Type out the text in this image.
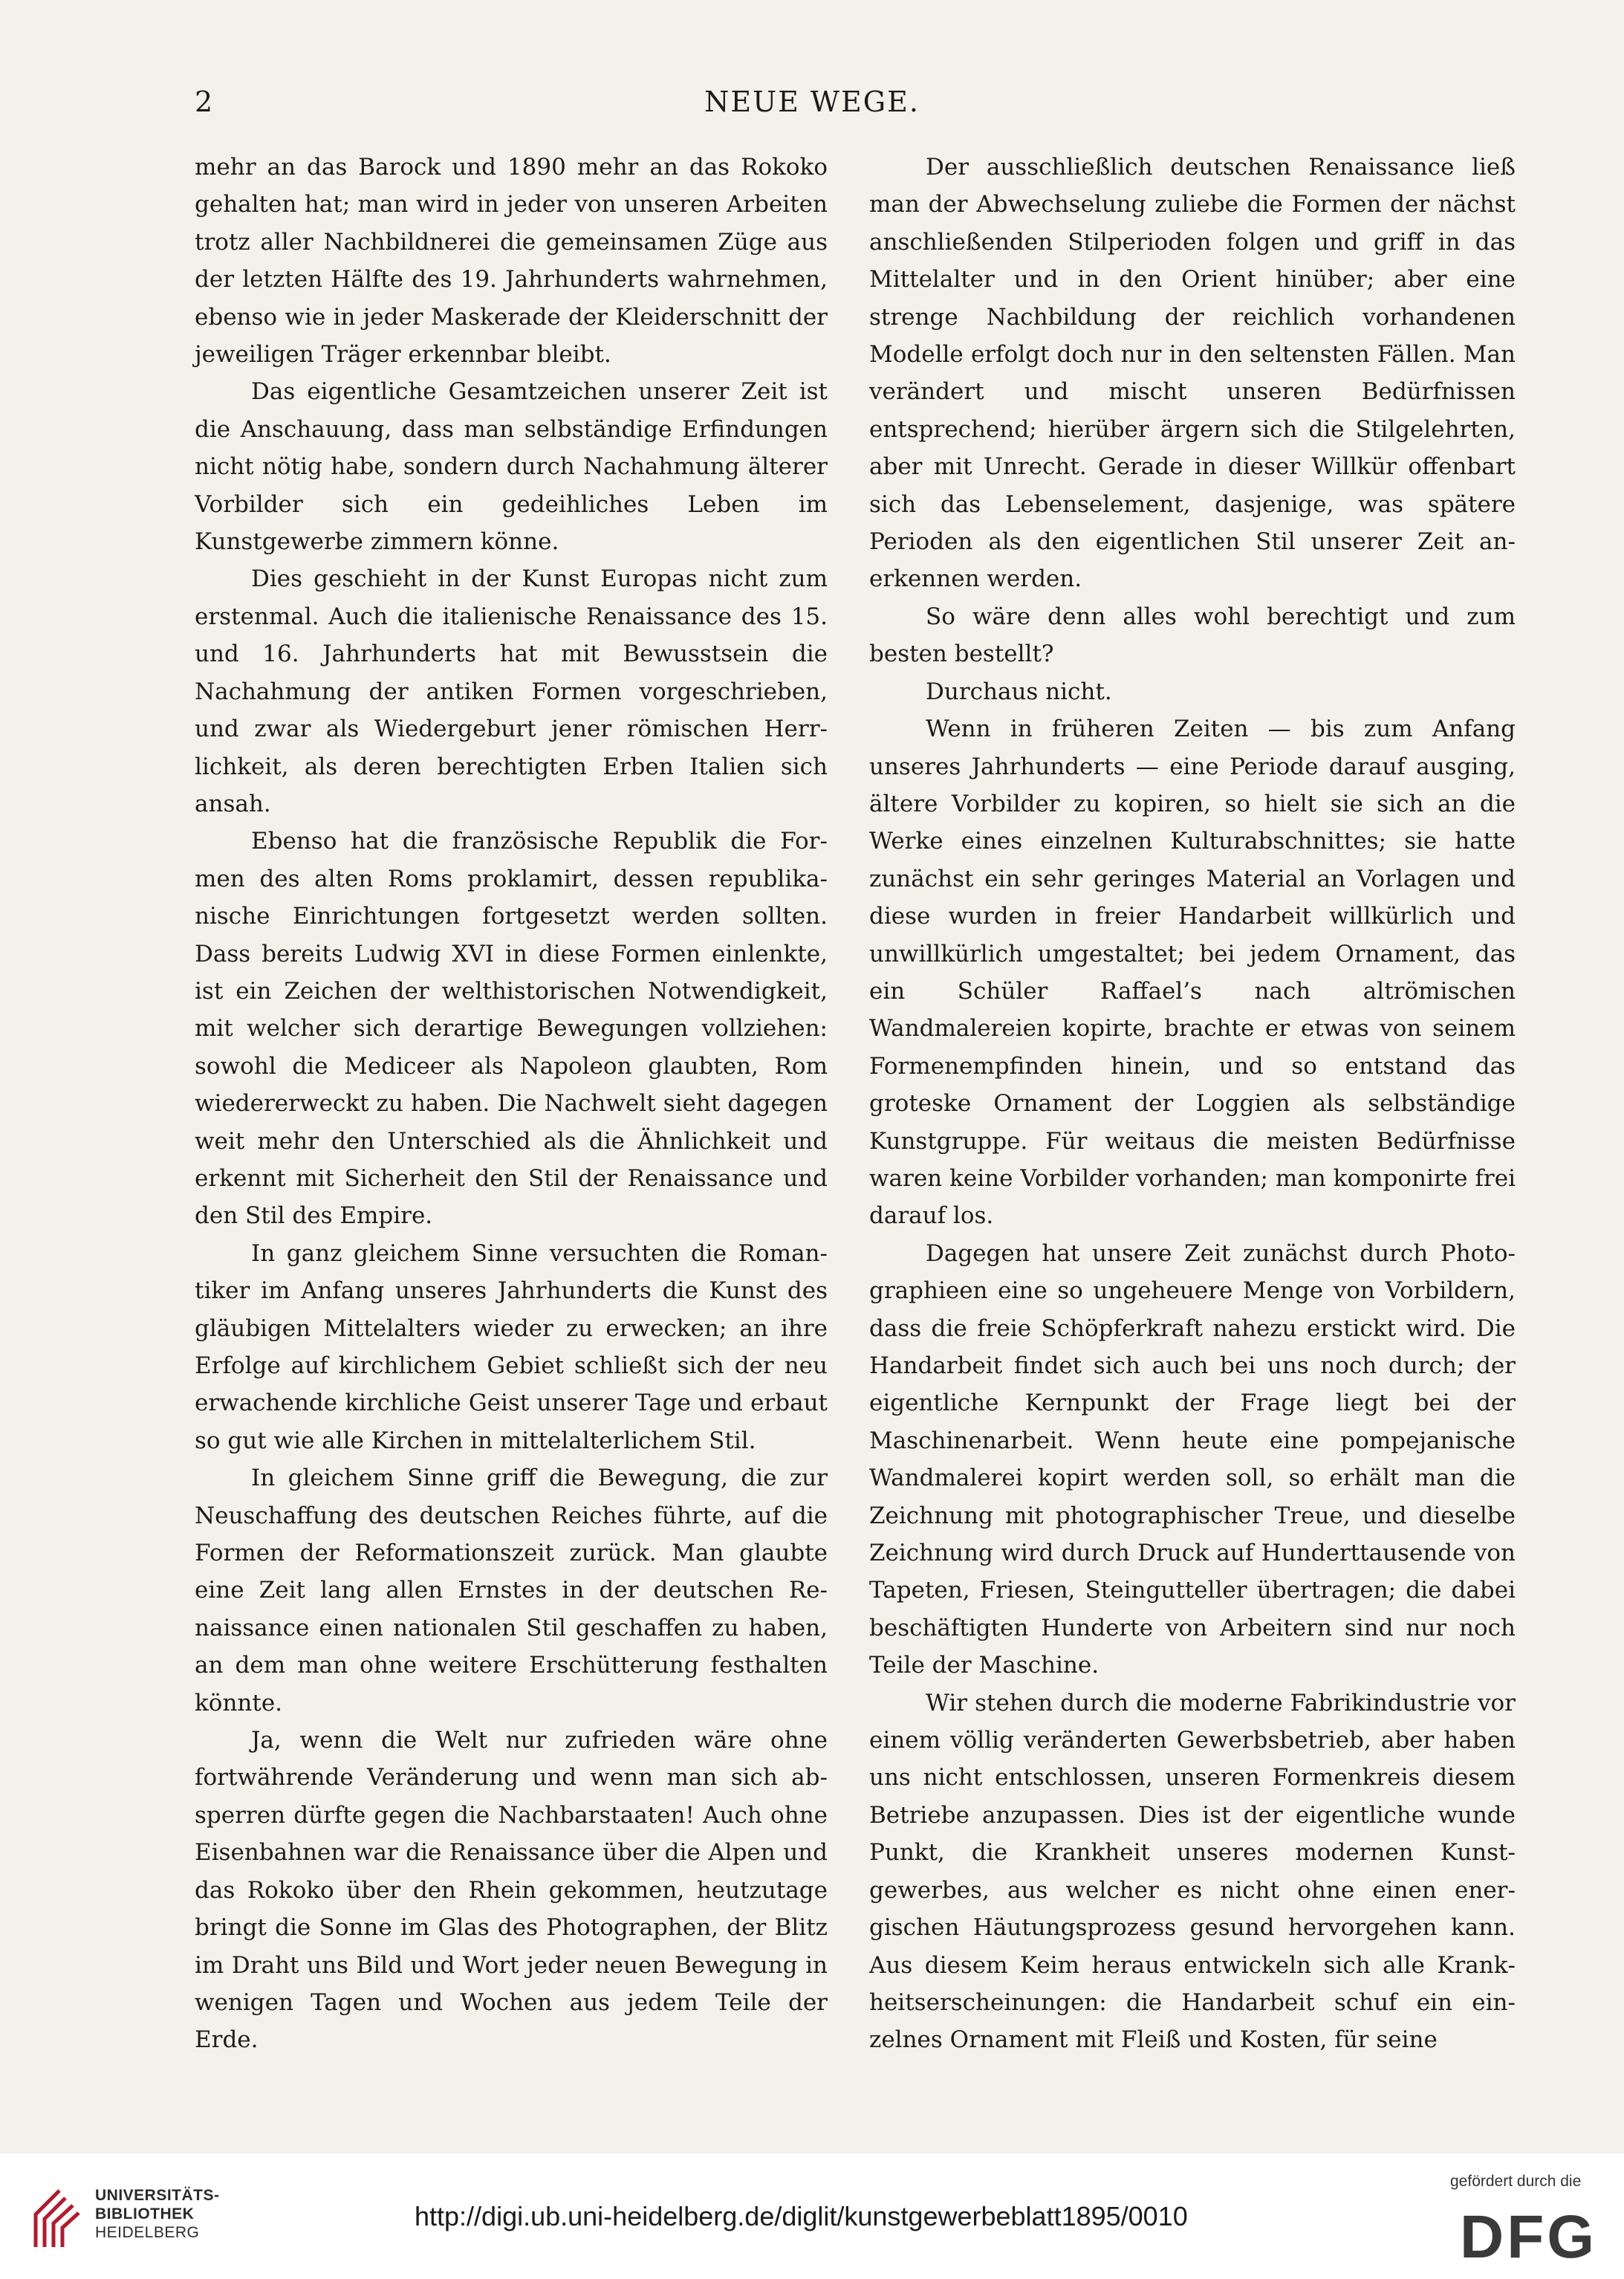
2	NEUE WEGE.

mehr an das Barock und 1890 mehr an das Rokoko gehalten hat; man wird in jeder von unseren Arbeiten trotz aller Nachbildnerei die gemeinsamen Züge aus der letzten Hälfte des 19. Jahrhunderts wahrnehmen, ebenso wie in jeder Maskerade der Kleiderschnitt der jeweiligen Träger erkennbar bleibt.

Das eigentliche Gesamtzeichen unserer Zeit ist die Anschauung, dass man selbständige Erfindungen nicht nötig habe, sondern durch Nachahmung älterer Vorbilder sich ein gedeihliches Leben im Kunstgewerbe zimmern könne.

Dies geschieht in der Kunst Europas nicht zum erstenmal. Auch die italienische Renaissance des 15. und 16. Jahrhunderts hat mit Bewusstsein die Nachahmung der antiken Formen vorgeschrieben, und zwar als Wiedergeburt jener römischen Herrlichkeit, als deren berechtigten Erben Italien sich ansah.

Ebenso hat die französische Republik die Formen des alten Roms proklamirt, dessen republikanische Einrichtungen fortgesetzt werden sollten. Dass bereits Ludwig XVI in diese Formen einlenkte, ist ein Zeichen der welthistorischen Notwendigkeit, mit welcher sich derartige Bewegungen vollziehen: sowohl die Mediceer als Napoleon glaubten, Rom wiedererweckt zu haben. Die Nachwelt sieht dagegen weit mehr den Unterschied als die Ähnlichkeit und erkennt mit Sicherheit den Stil der Renaissance und den Stil des Empire.

In ganz gleichem Sinne versuchten die Romantiker im Anfang unseres Jahrhunderts die Kunst des gläubigen Mittelalters wieder zu erwecken; an ihre Erfolge auf kirchlichem Gebiet schließt sich der neu erwachende kirchliche Geist unserer Tage und erbaut so gut wie alle Kirchen in mittelalterlichem Stil.

In gleichem Sinne griff die Bewegung, die zur Neuschaffung des deutschen Reiches führte, auf die Formen der Reformationszeit zurück. Man glaubte eine Zeit lang allen Ernstes in der deutschen Renaissance einen nationalen Stil geschaffen zu haben, an dem man ohne weitere Erschütterung festhalten könnte.

Ja, wenn die Welt nur zufrieden wäre ohne fortwährende Veränderung und wenn man sich absperren dürfte gegen die Nachbarstaaten! Auch ohne Eisenbahnen war die Renaissance über die Alpen und das Rokoko über den Rhein gekommen, heutzutage bringt die Sonne im Glas des Photographen, der Blitz im Draht uns Bild und Wort jeder neuen Bewegung in wenigen Tagen und Wochen aus jedem Teile der Erde.

Der ausschließlich deutschen Renaissance ließ man der Abwechselung zuliebe die Formen der nächst anschließenden Stilperioden folgen und griff in das Mittelalter und in den Orient hinüber; aber eine strenge Nachbildung der reichlich vorhandenen Modelle erfolgt doch nur in den seltensten Fällen. Man verändert und mischt unseren Bedürfnissen entsprechend; hierüber ärgern sich die Stilgelehrten, aber mit Unrecht. Gerade in dieser Willkür offenbart sich das Lebenselement, dasjenige, was spätere Perioden als den eigentlichen Stil unserer Zeit anerkennen werden.

So wäre denn alles wohl berechtigt und zum besten bestellt?

Durchaus nicht.

Wenn in früheren Zeiten — bis zum Anfang unseres Jahrhunderts — eine Periode darauf ausging, ältere Vorbilder zu kopiren, so hielt sie sich an die Werke eines einzelnen Kulturabschnittes; sie hatte zunächst ein sehr geringes Material an Vorlagen und diese wurden in freier Handarbeit willkürlich und unwillkürlich umgestaltet; bei jedem Ornament, das ein Schüler Raffael’s nach altrömischen Wandmalereien kopirte, brachte er etwas von seinem Formenempfinden hinein, und so entstand das groteske Ornament der Loggien als selbständige Kunstgruppe. Für weitaus die meisten Bedürfnisse waren keine Vorbilder vorhanden; man komponirte frei darauf los.

Dagegen hat unsere Zeit zunächst durch Photographieen eine so ungeheuere Menge von Vorbildern, dass die freie Schöpferkraft nahezu erstickt wird. Die Handarbeit findet sich auch bei uns noch durch; der eigentliche Kernpunkt der Frage liegt bei der Maschinenarbeit. Wenn heute eine pompejanische Wandmalerei kopirt werden soll, so erhält man die Zeichnung mit photographischer Treue, und dieselbe Zeichnung wird durch Druck auf Hunderttausende von Tapeten, Friesen, Steingutteller übertragen; die dabei beschäftigten Hunderte von Arbeitern sind nur noch Teile der Maschine.

Wir stehen durch die moderne Fabrikindustrie vor einem völlig veränderten Gewerbsbetrieb, aber haben uns nicht entschlossen, unseren Formenkreis diesem Betriebe anzupassen. Dies ist der eigentliche wunde Punkt, die Krankheit unseres modernen Kunstgewerbes, aus welcher es nicht ohne einen energischen Häutungsprozess gesund hervorgehen kann. Aus diesem Keim heraus entwickeln sich alle Krankheitserscheinungen: die Handarbeit schuf ein einzelnes Ornament mit Fleiß und Kosten, für seine

UNIVERSITÄTS-
BIBLIOTHEK
HEIDELBERG
http://digi.ub.uni-heidelberg.de/diglit/kunstgewerbeblatt1895/0010
gefördert durch die
DFG
